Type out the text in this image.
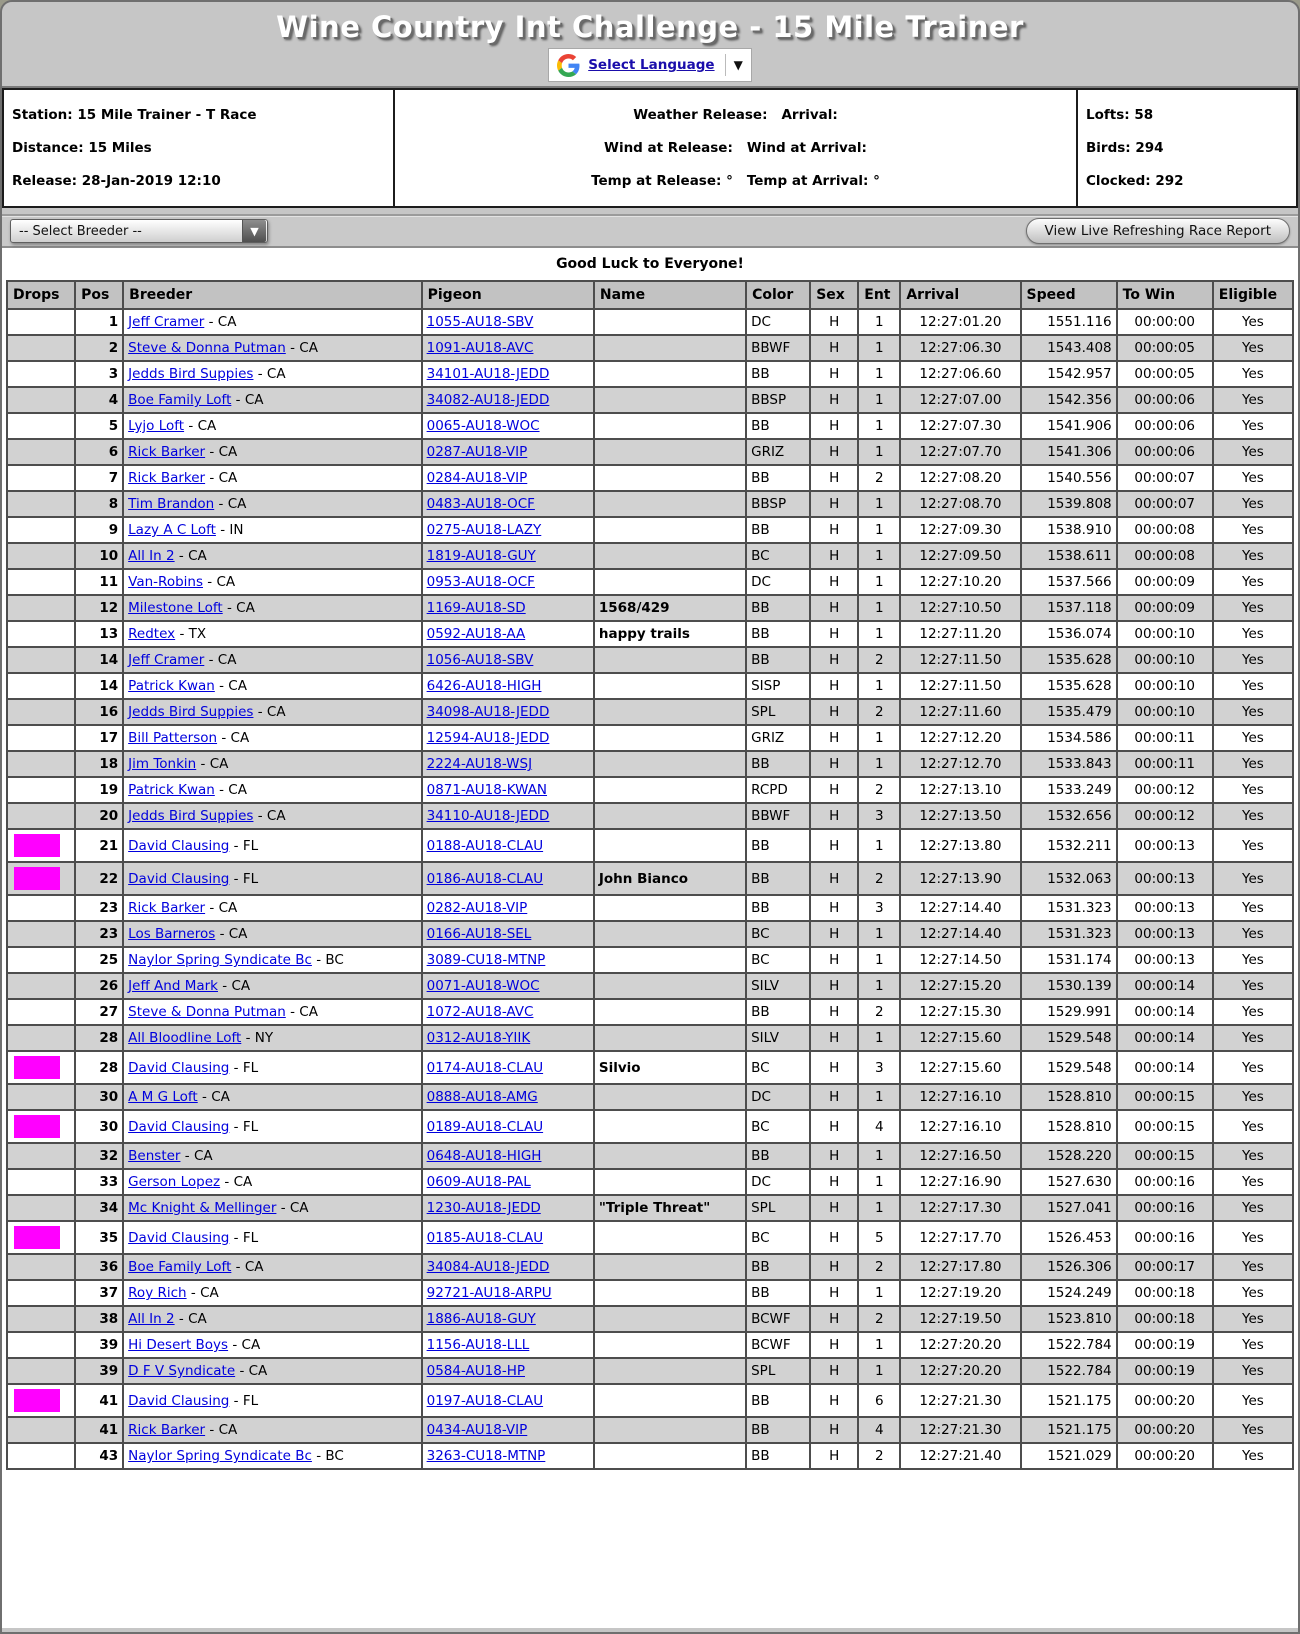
Wine Country Int Challenge - 15 Mile Trainer
Select Language ▼
Station: 15 Mile Trainer - T Race
Distance: 15 Miles
Release: 28-Jan-2019 12:10
Weather Release: Arrival:
Wind at Release: Wind at Arrival:
Temp at Release: ° Temp at Arrival: °
Lofts: 58
Birds: 294
Clocked: 292
-- Select Breeder --	▼	View Live Refreshing Race Report
Good Luck to Everyone!
Drops	Pos	Breeder	Pigeon	Name	Color	Sex	Ent	Arrival	Speed	To Win	Eligible
	1	Jeff Cramer - CA	1055-AU18-SBV		DC	H	1	12:27:01.20	1551.116	00:00:00	Yes
	2	Steve & Donna Putman - CA	1091-AU18-AVC		BBWF	H	1	12:27:06.30	1543.408	00:00:05	Yes
	3	Jedds Bird Suppies - CA	34101-AU18-JEDD		BB	H	1	12:27:06.60	1542.957	00:00:05	Yes
	4	Boe Family Loft - CA	34082-AU18-JEDD		BBSP	H	1	12:27:07.00	1542.356	00:00:06	Yes
	5	Lyjo Loft - CA	0065-AU18-WOC		BB	H	1	12:27:07.30	1541.906	00:00:06	Yes
	6	Rick Barker - CA	0287-AU18-VIP		GRIZ	H	1	12:27:07.70	1541.306	00:00:06	Yes
	7	Rick Barker - CA	0284-AU18-VIP		BB	H	2	12:27:08.20	1540.556	00:00:07	Yes
	8	Tim Brandon - CA	0483-AU18-OCF		BBSP	H	1	12:27:08.70	1539.808	00:00:07	Yes
	9	Lazy A C Loft - IN	0275-AU18-LAZY		BB	H	1	12:27:09.30	1538.910	00:00:08	Yes
	10	All In 2 - CA	1819-AU18-GUY		BC	H	1	12:27:09.50	1538.611	00:00:08	Yes
	11	Van-Robins - CA	0953-AU18-OCF		DC	H	1	12:27:10.20	1537.566	00:00:09	Yes
	12	Milestone Loft - CA	1169-AU18-SD	1568/429	BB	H	1	12:27:10.50	1537.118	00:00:09	Yes
	13	Redtex - TX	0592-AU18-AA	happy trails	BB	H	1	12:27:11.20	1536.074	00:00:10	Yes
	14	Jeff Cramer - CA	1056-AU18-SBV		BB	H	2	12:27:11.50	1535.628	00:00:10	Yes
	14	Patrick Kwan - CA	6426-AU18-HIGH		SISP	H	1	12:27:11.50	1535.628	00:00:10	Yes
	16	Jedds Bird Suppies - CA	34098-AU18-JEDD		SPL	H	2	12:27:11.60	1535.479	00:00:10	Yes
	17	Bill Patterson - CA	12594-AU18-JEDD		GRIZ	H	1	12:27:12.20	1534.586	00:00:11	Yes
	18	Jim Tonkin - CA	2224-AU18-WSJ		BB	H	1	12:27:12.70	1533.843	00:00:11	Yes
	19	Patrick Kwan - CA	0871-AU18-KWAN		RCPD	H	2	12:27:13.10	1533.249	00:00:12	Yes
	20	Jedds Bird Suppies - CA	34110-AU18-JEDD		BBWF	H	3	12:27:13.50	1532.656	00:00:12	Yes

	21	David Clausing - FL	0188-AU18-CLAU		BB	H	1	12:27:13.80	1532.211	00:00:13	Yes

	22	David Clausing - FL	0186-AU18-CLAU	John Bianco	BB	H	2	12:27:13.90	1532.063	00:00:13	Yes
	23	Rick Barker - CA	0282-AU18-VIP		BB	H	3	12:27:14.40	1531.323	00:00:13	Yes
	23	Los Barneros - CA	0166-AU18-SEL		BC	H	1	12:27:14.40	1531.323	00:00:13	Yes
	25	Naylor Spring Syndicate Bc - BC	3089-CU18-MTNP		BC	H	1	12:27:14.50	1531.174	00:00:13	Yes
	26	Jeff And Mark - CA	0071-AU18-WOC		SILV	H	1	12:27:15.20	1530.139	00:00:14	Yes
	27	Steve & Donna Putman - CA	1072-AU18-AVC		BB	H	2	12:27:15.30	1529.991	00:00:14	Yes
	28	All Bloodline Loft - NY	0312-AU18-YIIK		SILV	H	1	12:27:15.60	1529.548	00:00:14	Yes

	28	David Clausing - FL	0174-AU18-CLAU	Silvio	BC	H	3	12:27:15.60	1529.548	00:00:14	Yes
	30	A M G Loft - CA	0888-AU18-AMG		DC	H	1	12:27:16.10	1528.810	00:00:15	Yes

	30	David Clausing - FL	0189-AU18-CLAU		BC	H	4	12:27:16.10	1528.810	00:00:15	Yes
	32	Benster - CA	0648-AU18-HIGH		BB	H	1	12:27:16.50	1528.220	00:00:15	Yes
	33	Gerson Lopez - CA	0609-AU18-PAL		DC	H	1	12:27:16.90	1527.630	00:00:16	Yes
	34	Mc Knight & Mellinger - CA	1230-AU18-JEDD	"Triple Threat"	SPL	H	1	12:27:17.30	1527.041	00:00:16	Yes

	35	David Clausing - FL	0185-AU18-CLAU		BC	H	5	12:27:17.70	1526.453	00:00:16	Yes
	36	Boe Family Loft - CA	34084-AU18-JEDD		BB	H	2	12:27:17.80	1526.306	00:00:17	Yes
	37	Roy Rich - CA	92721-AU18-ARPU		BB	H	1	12:27:19.20	1524.249	00:00:18	Yes
	38	All In 2 - CA	1886-AU18-GUY		BCWF	H	2	12:27:19.50	1523.810	00:00:18	Yes
	39	Hi Desert Boys - CA	1156-AU18-LLL		BCWF	H	1	12:27:20.20	1522.784	00:00:19	Yes
	39	D F V Syndicate - CA	0584-AU18-HP		SPL	H	1	12:27:20.20	1522.784	00:00:19	Yes

	41	David Clausing - FL	0197-AU18-CLAU		BB	H	6	12:27:21.30	1521.175	00:00:20	Yes
	41	Rick Barker - CA	0434-AU18-VIP		BB	H	4	12:27:21.30	1521.175	00:00:20	Yes
	43	Naylor Spring Syndicate Bc - BC	3263-CU18-MTNP		BB	H	2	12:27:21.40	1521.029	00:00:20	Yes
